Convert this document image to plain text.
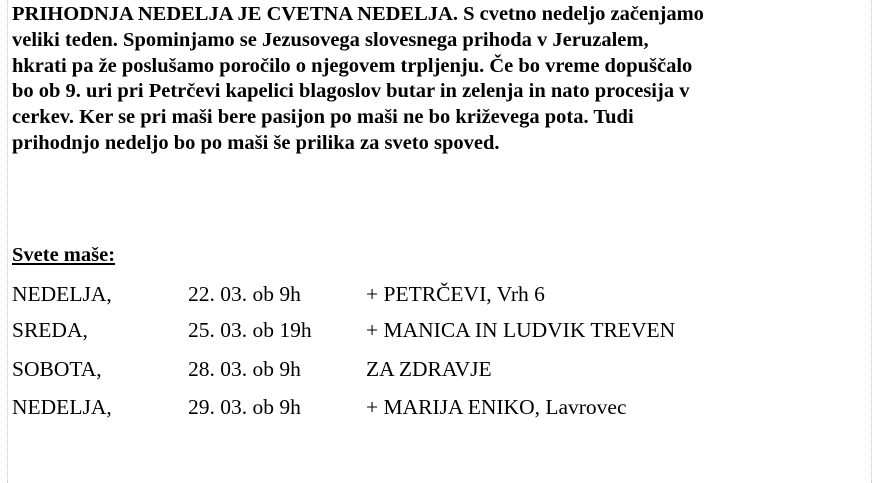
PRIHODNJA NEDELJA JE CVETNA NEDELJA. S cvetno nedeljo začenjamo
veliki teden. Spominjamo se Jezusovega slovesnega prihoda v Jeruzalem,
hkrati pa že poslušamo poročilo o njegovem trpljenju. Če bo vreme dopuščalo
bo ob 9. uri pri Petrčevi kapelici blagoslov butar in zelenja in nato procesija v
cerkev. Ker se pri maši bere pasijon po maši ne bo križevega pota. Tudi
prihodnjo nedeljo bo po maši še prilika za sveto spoved.

Svete maše:

NEDELJA,	22. 03. ob 9h	+ PETRČEVI, Vrh 6
SREDA,	25. 03. ob 19h	+ MANICA IN LUDVIK TREVEN
SOBOTA,	28. 03. ob 9h	ZA ZDRAVJE
NEDELJA,	29. 03. ob 9h	+ MARIJA ENIKO, Lavrovec
